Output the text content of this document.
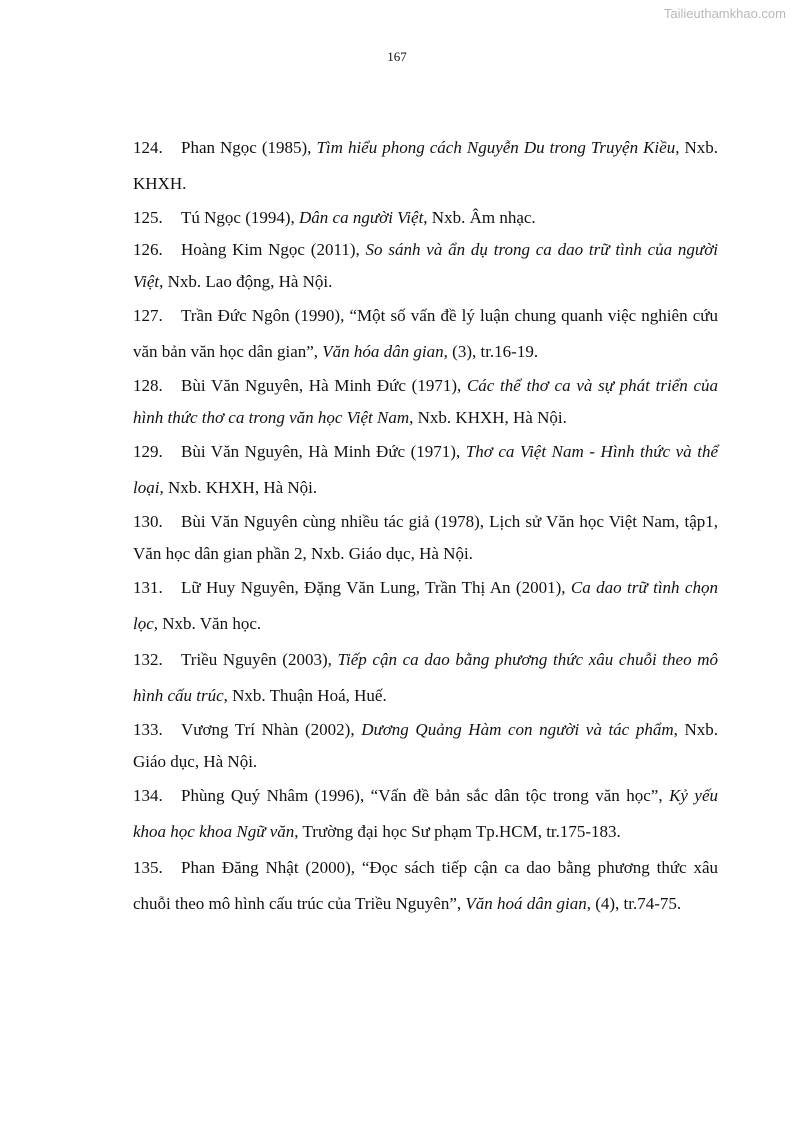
Tailieuthamkhao.com
167
124. Phan Ngọc (1985), Tìm hiểu phong cách Nguyễn Du trong Truyện Kiều, Nxb. KHXH.
125. Tú Ngọc (1994), Dân ca người Việt, Nxb. Âm nhạc.
126. Hoàng Kim Ngọc (2011), So sánh và ẩn dụ trong ca dao trữ tình của người Việt, Nxb. Lao động, Hà Nội.
127. Trần Đức Ngôn (1990), “Một số vấn đề lý luận chung quanh việc nghiên cứu văn bản văn học dân gian”, Văn hóa dân gian, (3), tr.16-19.
128. Bùi Văn Nguyên, Hà Minh Đức (1971), Các thể thơ ca và sự phát triển của hình thức thơ ca trong văn học Việt Nam, Nxb. KHXH, Hà Nội.
129. Bùi Văn Nguyên, Hà Minh Đức (1971), Thơ ca Việt Nam - Hình thức và thể loại, Nxb. KHXH, Hà Nội.
130. Bùi Văn Nguyên cùng nhiều tác giả (1978), Lịch sử Văn học Việt Nam, tập1, Văn học dân gian phần 2, Nxb. Giáo dục, Hà Nội.
131. Lữ Huy Nguyên, Đặng Văn Lung, Trần Thị An (2001), Ca dao trữ tình chọn lọc, Nxb. Văn học.
132. Triều Nguyên (2003), Tiếp cận ca dao bằng phương thức xâu chuỗi theo mô hình cấu trúc, Nxb. Thuận Hoá, Huế.
133. Vương Trí Nhàn (2002), Dương Quảng Hàm con người và tác phẩm, Nxb. Giáo dục, Hà Nội.
134. Phùng Quý Nhâm (1996), “Vấn đề bản sắc dân tộc trong văn học”, Kỷ yếu khoa học khoa Ngữ văn, Trường đại học Sư phạm Tp.HCM, tr.175-183.
135. Phan Đăng Nhật (2000), “Đọc sách tiếp cận ca dao bằng phương thức xâu chuỗi theo mô hình cấu trúc của Triều Nguyên”, Văn hoá dân gian, (4), tr.74-75.
